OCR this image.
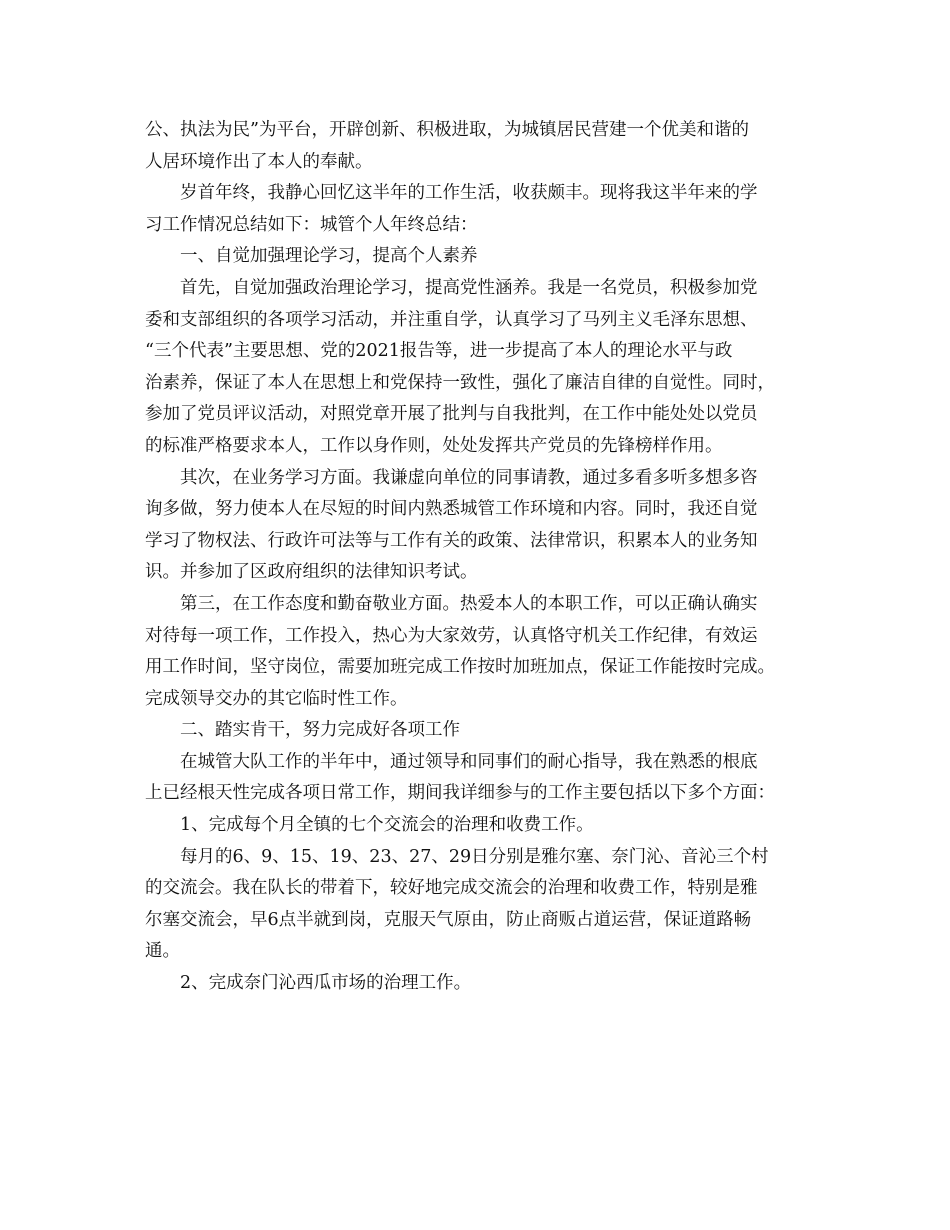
公、执法为民”为平台，开辟创新、积极进取，为城镇居民营建一个优美和谐的
人居环境作出了本人的奉献。
岁首年终，我静心回忆这半年的工作生活，收获颇丰。现将我这半年来的学
习工作情况总结如下：城管个人年终总结：
一、自觉加强理论学习，提高个人素养
首先，自觉加强政治理论学习，提高党性涵养。我是一名党员，积极参加党
委和支部组织的各项学习活动，并注重自学，认真学习了马列主义毛泽东思想、
“三个代表”主要思想、党的2021报告等，进一步提高了本人的理论水平与政
治素养，保证了本人在思想上和党保持一致性，强化了廉洁自律的自觉性。同时，
参加了党员评议活动，对照党章开展了批判与自我批判，在工作中能处处以党员
的标准严格要求本人，工作以身作则，处处发挥共产党员的先锋榜样作用。
其次，在业务学习方面。我谦虚向单位的同事请教，通过多看多听多想多咨
询多做，努力使本人在尽短的时间内熟悉城管工作环境和内容。同时，我还自觉
学习了物权法、行政许可法等与工作有关的政策、法律常识，积累本人的业务知
识。并参加了区政府组织的法律知识考试。
第三，在工作态度和勤奋敬业方面。热爱本人的本职工作，可以正确认确实
对待每一项工作，工作投入，热心为大家效劳，认真恪守机关工作纪律，有效运
用工作时间，坚守岗位，需要加班完成工作按时加班加点，保证工作能按时完成。
完成领导交办的其它临时性工作。
二、踏实肯干，努力完成好各项工作
在城管大队工作的半年中，通过领导和同事们的耐心指导，我在熟悉的根底
上已经根天性完成各项日常工作，期间我详细参与的工作主要包括以下多个方面：
1、完成每个月全镇的七个交流会的治理和收费工作。
每月的6、9、15、19、23、27、29日分别是雅尔塞、奈门沁、音沁三个村
的交流会。我在队长的带着下，较好地完成交流会的治理和收费工作，特别是雅
尔塞交流会，早6点半就到岗，克服天气原由，防止商贩占道运营，保证道路畅
通。
2、完成奈门沁西瓜市场的治理工作。
